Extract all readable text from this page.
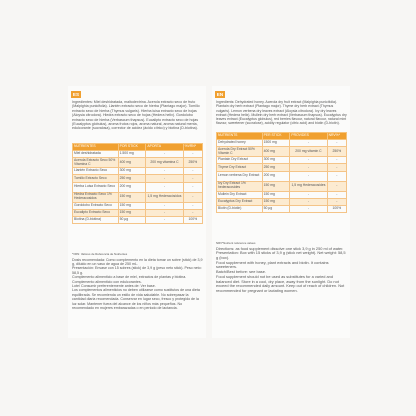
ES

Ingredientes: Miel deshidratada, maltodextrina. Acerola extracto seco de fruto (Malpighia punicifolia). Llantén extracto seco de hierba (Plantago major). Tomillo extracto seco de hierba (Thymus vulgaris). Hierba luisa extracto seco de hojas (Aloysia citrodora). Hiedra extracto seco de hojas (Hedera helix). Gordolobo extracto seco de hierba (Verbascum thapsus). Eucalipto extracto seco de hojas (Eucalyptus globulus), aroma frutos rojos, aroma natural, aroma natural menta, edulcorante (sucralosa), corrector de acidez (ácido cítrico) y biotina (D-biotina).

NUTRIENTES	POR STICK	APORTA	%VRN*
Miel deshidratada	1.500 mg	-	-
Acerola Extracto Seco 50% Vitamina C	400 mg	200 mg vitamina C	250%
Llantén Extracto Seco	300 mg	-	-
Tomillo Extracto Seco	250 mg	-	-
Hierba Luisa Extracto Seco	200 mg	-	-
Hiedra Extracto Seco 1% Hederacosidos	150 mg	1,5 mg Hederacósidos	-
Gordolobo Extracto Seco	150 mg	-	-
Eucalipto Extracto Seco	150 mg	-	-
Biotina (D-biotina)	50 μg	-	100%

*VRN: Valores de Referencia de Nutrientes

Dosis recomendada: Como complemento en la dieta tomar un sobre (stick) de 3,9 g, diluido en un vaso de agua de 250 mL.

Presentación: Envase con 15 sobres (stick) de 3,9 g (peso neto stick). Peso neto: 58,5 g.

Complemento alimenticio a base de miel, extractos de plantas y biotina. Complemento alimenticio con edulcorantes.

Lote/ Consumir preferentemente antes de: Ver base.

Los complementos alimenticios no deben utilizarse como sustitutos de una dieta equilibrada. Se recomienda un estilo de vida saludable. No sobrepasar la cantidad diaria recomendada. Conservar en lugar seco, fresco y protegido de la luz solar. Mantener fuera del alcance de los niños más pequeños. No recomendado en mujeres embarazadas o en periodo de lactancia.

EN

Ingredients: Dehydrated honey. Acerola dry fruit extract (Malpighia punicifolia). Plantain dry herb extract (Plantago major). Thyme dry herb extract (Thymus vulgaris). Lemon verbena dry leaves extract (Aloysia citrodora). Ivy dry leaves extract (Hedera helix). Mullein dry herb extract (Verbascum thapsus). Eucalyptus dry leaves extract (Eucalyptus globulus), red berries flavour, natural flavour, natural mint flavour, sweetener (sucralose), acidity regulator (citric acid) and biotin (D-biotin).

NUTRIENTS	PER STICK	PROVIDES	NRV%*
Dehydrated honey	1500 mg	-	-
Acerola Dry Extract 50% Vitamin C	400 mg	200 mg vitamin C	250%
Plantain Dry Extract	300 mg	-	-
Thyme Dry Extract	250 mg	-	-
Lemon verbena Dry Extract	200 mg	-	-
Ivy Dry Extract 1% hederacosides	150 mg	1,5 mg Hederacosides	-
Mullein Dry Extract	150 mg	-	-
Eucalyptus Dry Extract	150 mg	-	-
Biotin (D-biotin)	50 μg	-	100%

NRV*Nutrient reference values

Directions: as food supplement dissolve one stick 3,9 g in 250 ml of water.

Presentation: Box with 15 sticks of 3,9 g (stick net weight). Net weight: 58,5 g (box).

Food supplement with honey, plant extracts and biotin. It contains sweeteners.

Batch/Best before: see base.

Food supplement should not be used as substitutes for a varied and balanced diet. Store in a cool, dry place, away from the sunlight. Do not exceed the recommended daily amount. Keep out of reach of children. Not recommended for pregnant or lactating women.
